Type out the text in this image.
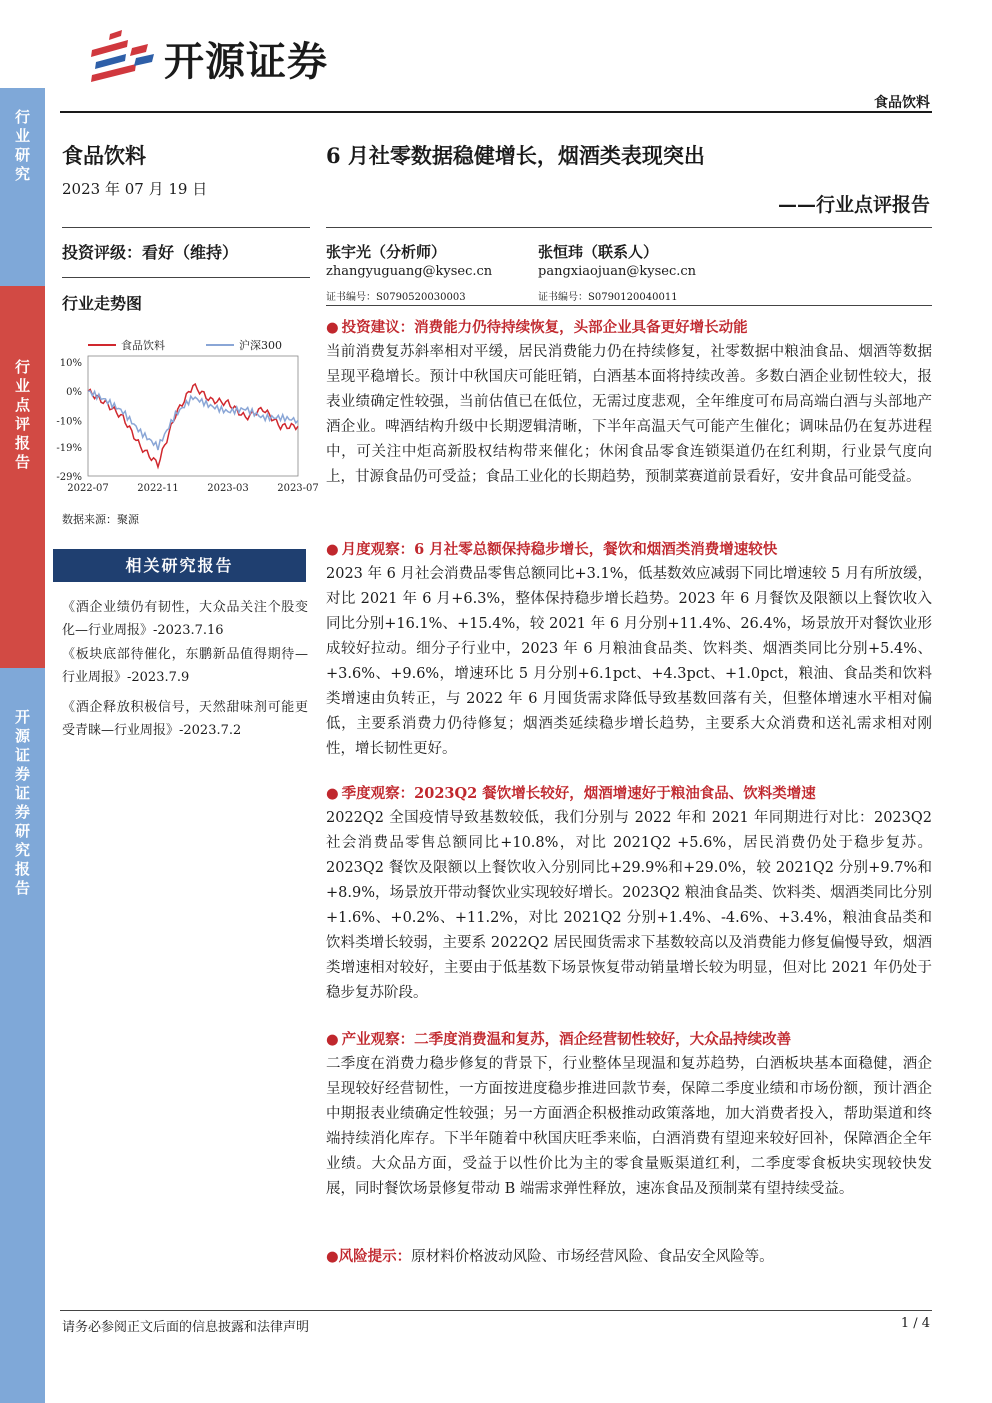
行业研究
行业点评报告
开源证券 证券研究报告
开源证券
食品饮料
食品饮料
2023 年 07 月 19 日
投资评级：看好（维持）
行业走势图
食品饮料	沪深300
10%
0%
-10%
-19%
-29%
2022-07	2022-11	2023-03	2023-07
数据来源：聚源
相关研究报告
《酒企业绩仍有韧性，大众品关注个股变化—行业周报》-2023.7.16
《板块底部待催化，东鹏新品值得期待—行业周报》-2023.7.9
《酒企释放积极信号，天然甜味剂可能更受青睐—行业周报》-2023.7.2
6 月社零数据稳健增长，烟酒类表现突出
——行业点评报告
张宇光（分析师）
zhangyuguang@kysec.cn
证书编号：S0790520030003
张恒玮（联系人）
pangxiaojuan@kysec.cn
证书编号：S0790120040011
● 投资建议：消费能力仍待持续恢复，头部企业具备更好增长动能

当前消费复苏斜率相对平缓，居民消费能力仍在持续修复，社零数据中粮油食品、烟酒等数据呈现平稳增长。预计中秋国庆可能旺销，白酒基本面将持续改善。多数白酒企业韧性较大，报表业绩确定性较强，当前估值已在低位，无需过度悲观，全年维度可布局高端白酒与头部地产酒企业。啤酒结构升级中长期逻辑清晰，下半年高温天气可能产生催化；调味品仍在复苏进程中，可关注中炬高新股权结构带来催化；休闲食品零食连锁渠道仍在红利期，行业景气度向上，甘源食品仍可受益；食品工业化的长期趋势，预制菜赛道前景看好，安井食品可能受益。

● 月度观察：6 月社零总额保持稳步增长，餐饮和烟酒类消费增速较快

2023 年 6 月社会消费品零售总额同比+3.1%，低基数效应减弱下同比增速较 5 月有所放缓，对比 2021 年 6 月+6.3%，整体保持稳步增长趋势。2023 年 6 月餐饮及限额以上餐饮收入同比分别+16.1%、+15.4%，较 2021 年 6 月分别+11.4%、26.4%，场景放开对餐饮业形成较好拉动。细分子行业中，2023 年 6 月粮油食品类、饮料类、烟酒类同比分别+5.4%、+3.6%、+9.6%，增速环比 5 月分别+6.1pct、+4.3pct、+1.0pct，粮油、食品类和饮料类增速由负转正，与 2022 年 6 月囤货需求降低导致基数回落有关，但整体增速水平相对偏低，主要系消费力仍待修复；烟酒类延续稳步增长趋势，主要系大众消费和送礼需求相对刚性，增长韧性更好。

● 季度观察：2023Q2 餐饮增长较好，烟酒增速好于粮油食品、饮料类增速

2022Q2 全国疫情导致基数较低，我们分别与 2022 年和 2021 年同期进行对比：2023Q2 社会消费品零售总额同比+10.8%，对比 2021Q2 +5.6%，居民消费仍处于稳步复苏。2023Q2 餐饮及限额以上餐饮收入分别同比+29.9%和+29.0%，较 2021Q2 分别+9.7%和+8.9%，场景放开带动餐饮业实现较好增长。2023Q2 粮油食品类、饮料类、烟酒类同比分别+1.6%、+0.2%、+11.2%，对比 2021Q2 分别+1.4%、-4.6%、+3.4%，粮油食品类和饮料类增长较弱，主要系 2022Q2 居民囤货需求下基数较高以及消费能力修复偏慢导致，烟酒类增速相对较好，主要由于低基数下场景恢复带动销量增长较为明显，但对比 2021 年仍处于稳步复苏阶段。

● 产业观察：二季度消费温和复苏，酒企经营韧性较好，大众品持续改善

二季度在消费力稳步修复的背景下，行业整体呈现温和复苏趋势，白酒板块基本面稳健，酒企呈现较好经营韧性，一方面按进度稳步推进回款节奏，保障二季度业绩和市场份额，预计酒企中期报表业绩确定性较强；另一方面酒企积极推动政策落地，加大消费者投入，帮助渠道和终端持续消化库存。下半年随着中秋国庆旺季来临，白酒消费有望迎来较好回补，保障酒企全年业绩。大众品方面，受益于以性价比为主的零食量贩渠道红利，二季度零食板块实现较快发展，同时餐饮场景修复带动 B 端需求弹性释放，速冻食品及预制菜有望持续受益。

●风险提示：原材料价格波动风险、市场经营风险、食品安全风险等。
请务必参阅正文后面的信息披露和法律声明	1 / 4
